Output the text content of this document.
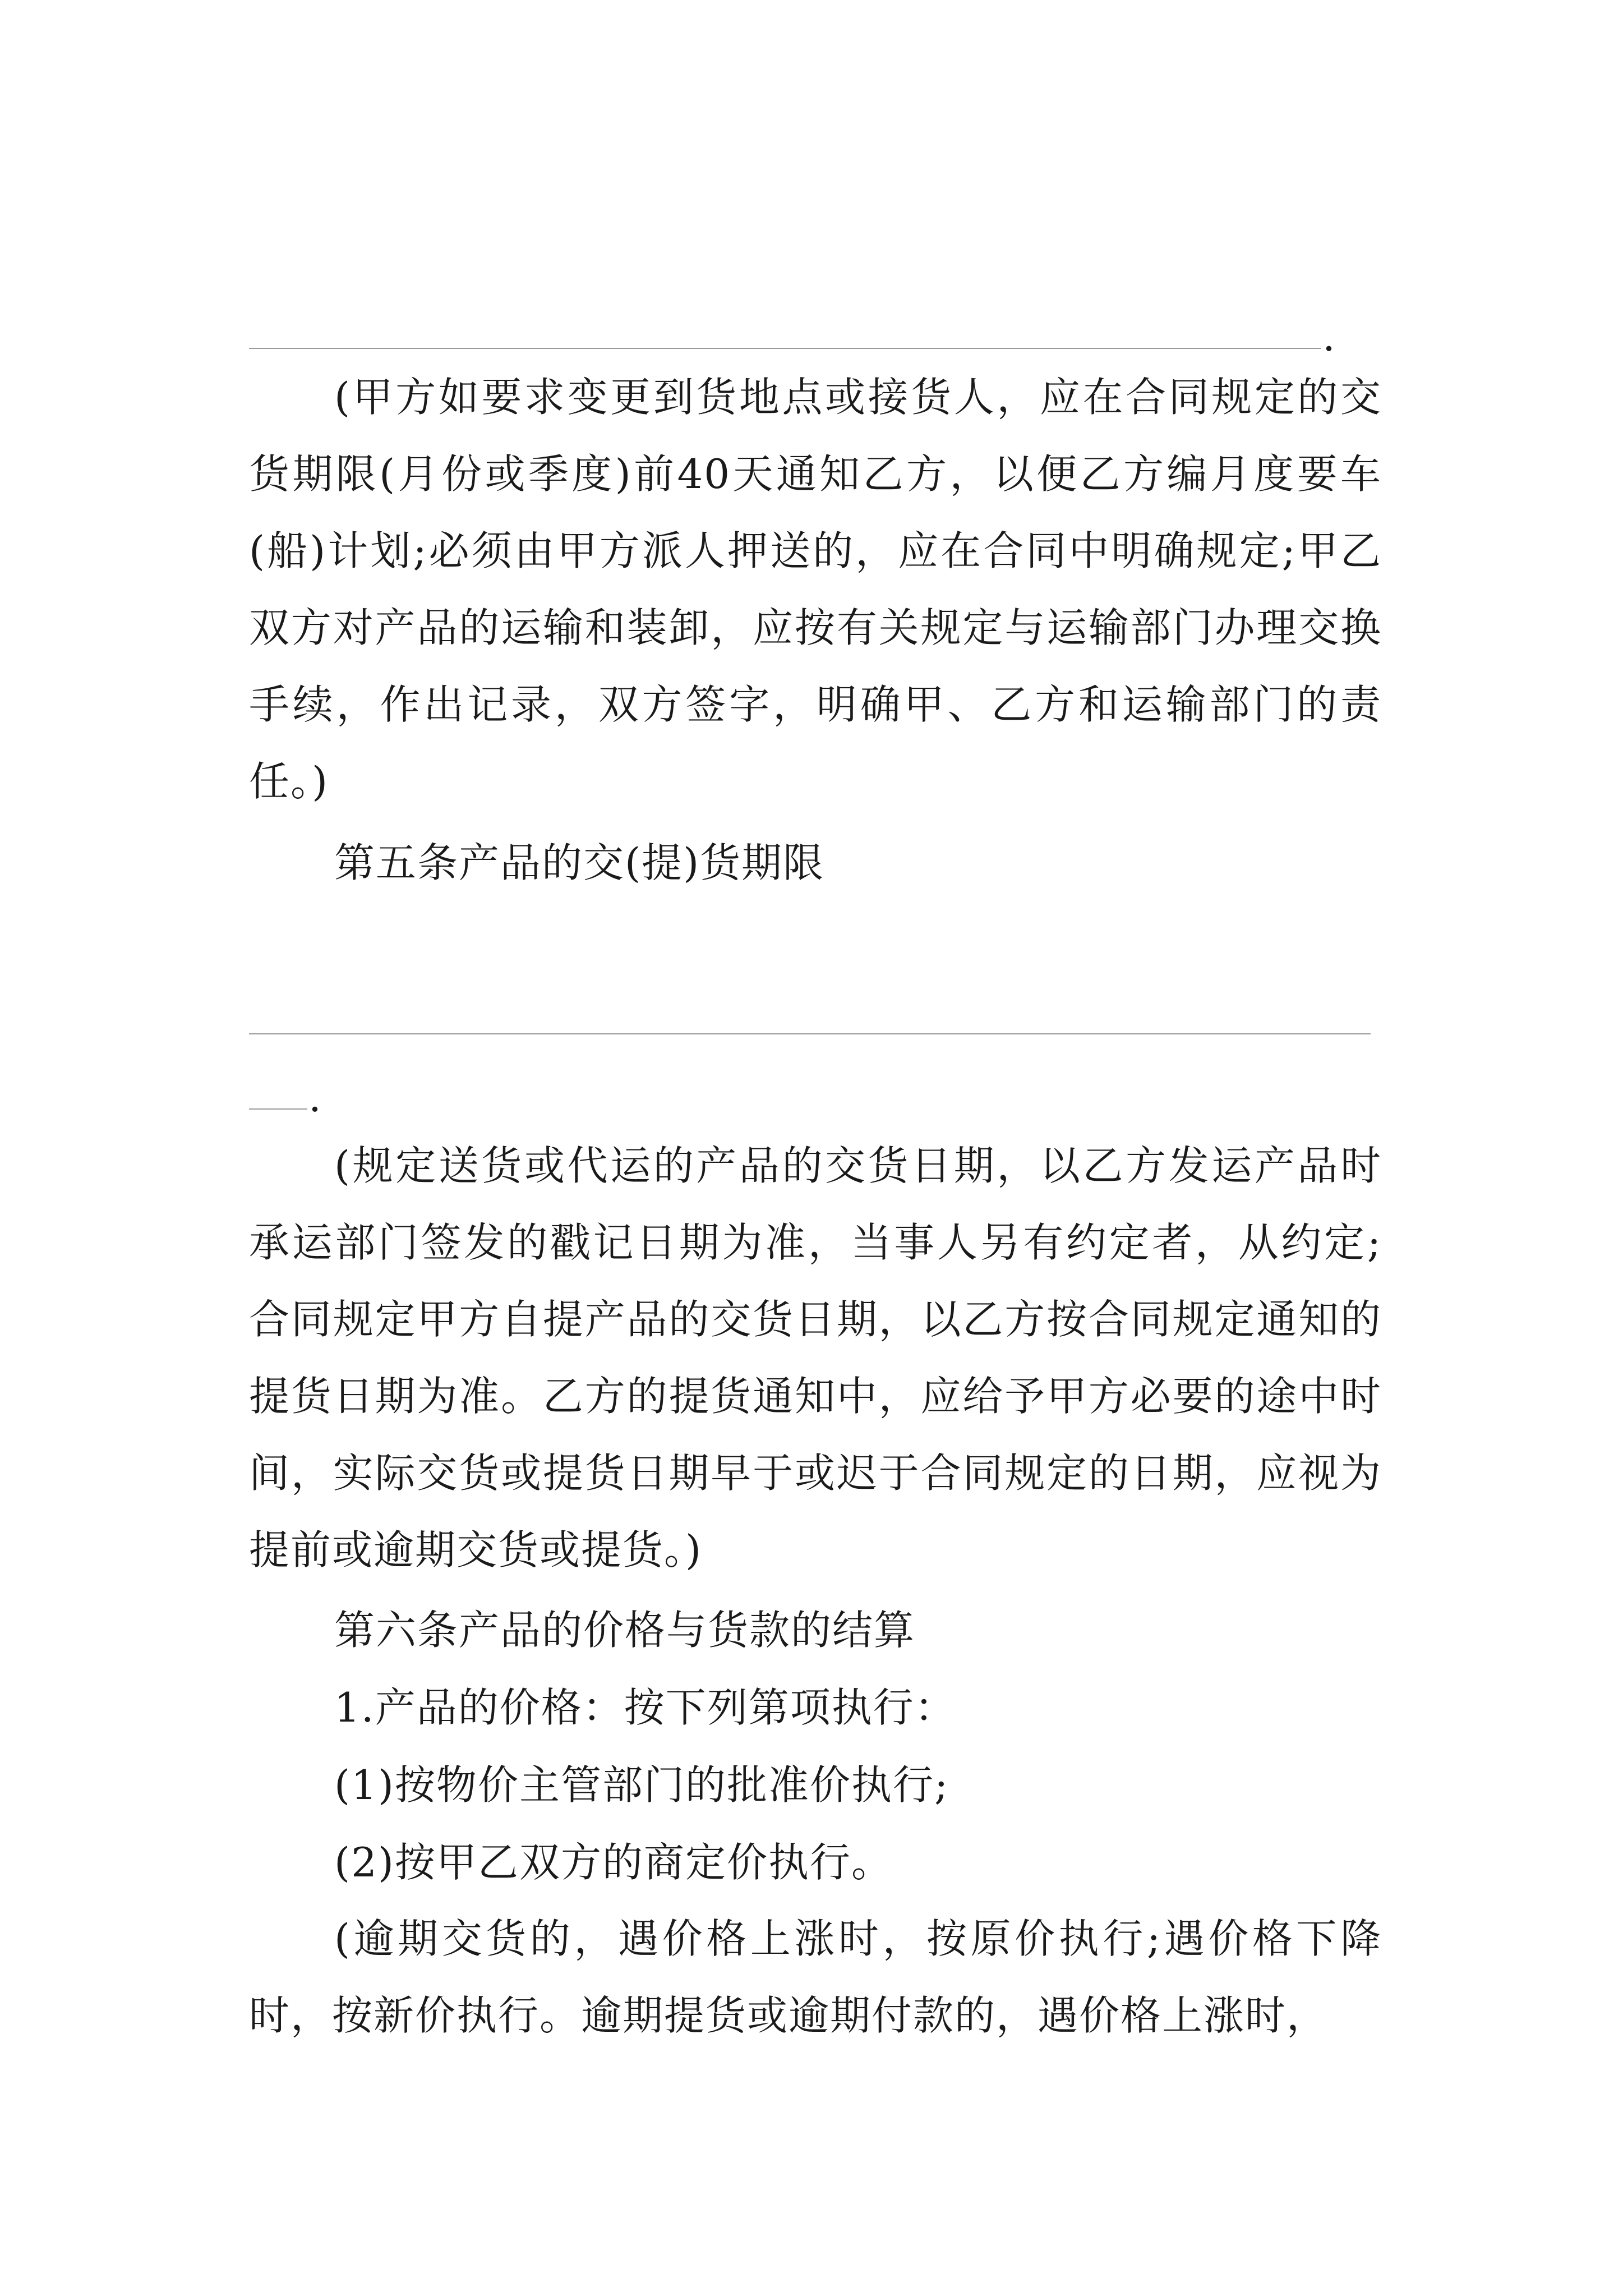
.

(甲方如要求变更到货地点或接货人，应在合同规定的交货期限(月份或季度)前40天通知乙方，以便乙方编月度要车(船)计划;必须由甲方派人押送的，应在合同中明确规定;甲乙双方对产品的运输和装卸，应按有关规定与运输部门办理交换手续，作出记录，双方签字，明确甲、乙方和运输部门的责任。)

第五条产品的交(提)货期限

.

(规定送货或代运的产品的交货日期，以乙方发运产品时承运部门签发的戳记日期为准，当事人另有约定者，从约定;合同规定甲方自提产品的交货日期，以乙方按合同规定通知的提货日期为准。乙方的提货通知中，应给予甲方必要的途中时间，实际交货或提货日期早于或迟于合同规定的日期，应视为提前或逾期交货或提货。)

第六条产品的价格与货款的结算

1.产品的价格：按下列第项执行：

(1)按物价主管部门的批准价执行;

(2)按甲乙双方的商定价执行。

(逾期交货的，遇价格上涨时，按原价执行;遇价格下降时，按新价执行。逾期提货或逾期付款的，遇价格上涨时，
